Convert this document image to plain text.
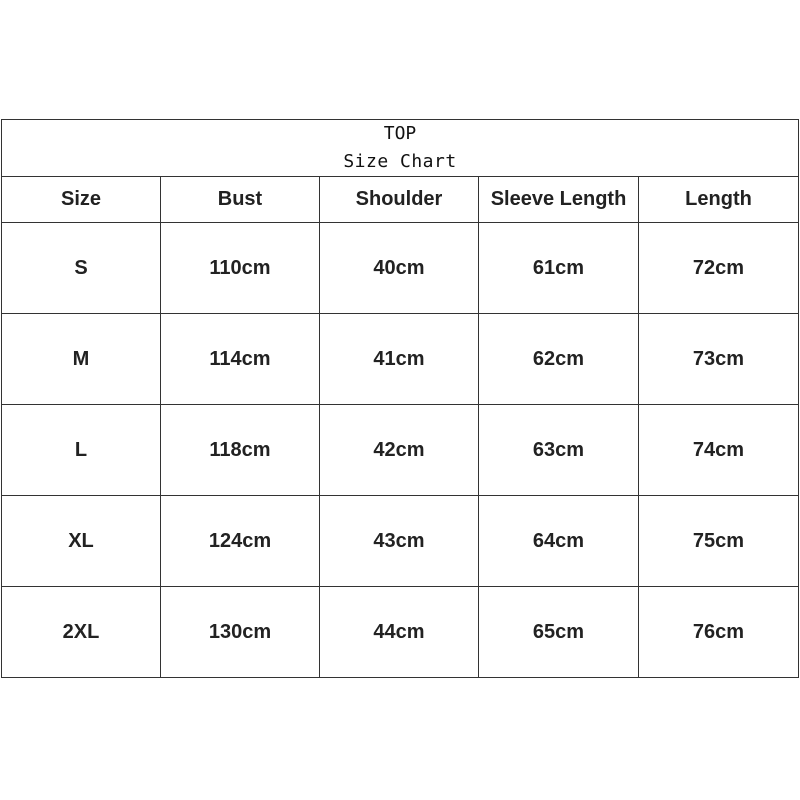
TOP
Size Chart				

Size	Bust	Shoulder	Sleeve Length	Length
S	110cm	40cm	61cm	72cm
M	114cm	41cm	62cm	73cm
L	118cm	42cm	63cm	74cm
XL	124cm	43cm	64cm	75cm
2XL	130cm	44cm	65cm	76cm
